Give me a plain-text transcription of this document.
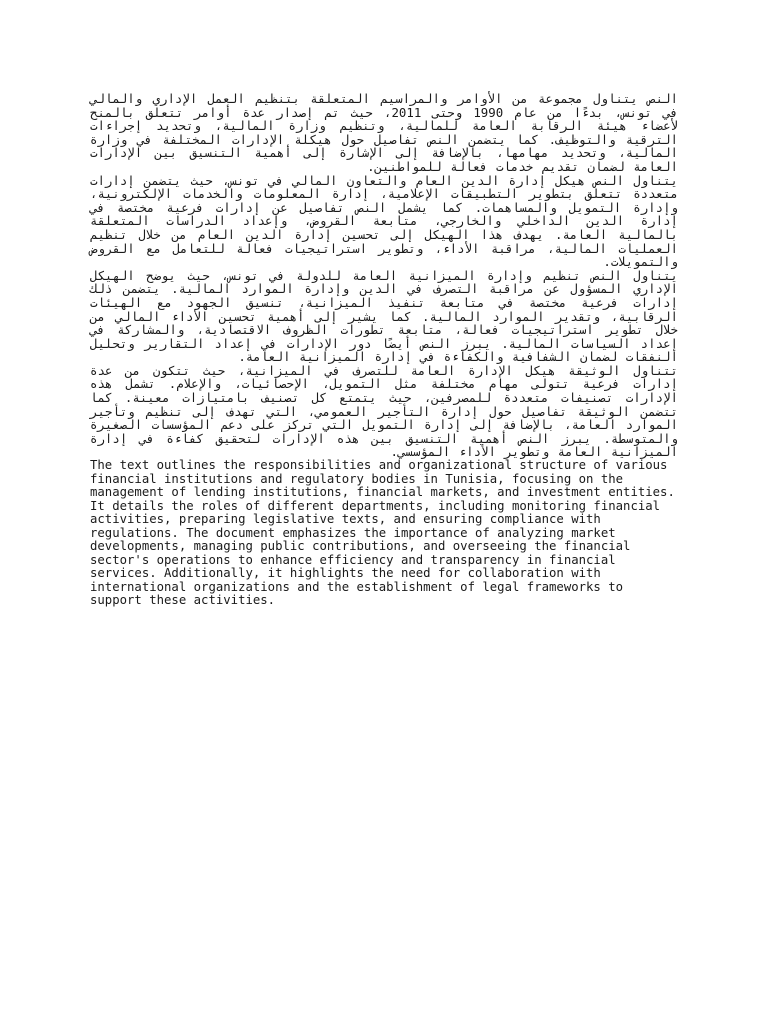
النص يتناول مجموعة من الأوامر والمراسيم المتعلقة بتنظيم العمل الإداري والمالي في تونس، بدءًا من عام 1990 وحتى 2011، حيث تم إصدار عدة أوامر تتعلق بالمنح لأعضاء هيئة الرقابة العامة للمالية، وتنظيم وزارة المالية، وتحديد إجراءات الترقية والتوظيف. كما يتضمن النص تفاصيل حول هيكلة الإدارات المختلفة في وزارة المالية، وتحديد مهامها، بالإضافة إلى الإشارة إلى أهمية التنسيق بين الإدارات العامة لضمان تقديم خدمات فعالة للمواطنين.

يتناول النص هيكل إدارة الدين العام والتعاون المالي في تونس، حيث يتضمن إدارات متعددة تتعلق بتطوير التطبيقات الإعلامية، إدارة المعلومات والخدمات الإلكترونية، وإدارة التمويل والمساهمات. كما يشمل النص تفاصيل عن إدارات فرعية مختصة في إدارة الدين الداخلي والخارجي، متابعة القروض، وإعداد الدراسات المتعلقة بالمالية العامة. يهدف هذا الهيكل إلى تحسين إدارة الدين العام من خلال تنظيم العمليات المالية، مراقبة الأداء، وتطوير استراتيجيات فعالة للتعامل مع القروض والتمويلات.

يتناول النص تنظيم وإدارة الميزانية العامة للدولة في تونس، حيث يوضح الهيكل الإداري المسؤول عن مراقبة التصرف في الدين وإدارة الموارد المالية. يتضمن ذلك إدارات فرعية مختصة في متابعة تنفيذ الميزانية، تنسيق الجهود مع الهيئات الرقابية، وتقدير الموارد المالية. كما يشير إلى أهمية تحسين الأداء المالي من خلال تطوير استراتيجيات فعالة، متابعة تطورات الظروف الاقتصادية، والمشاركة في إعداد السياسات المالية. يبرز النص أيضًا دور الإدارات في إعداد التقارير وتحليل النفقات لضمان الشفافية والكفاءة في إدارة الميزانية العامة.

تتناول الوثيقة هيكل الإدارة العامة للتصرف في الميزانية، حيث تتكون من عدة إدارات فرعية تتولى مهام مختلفة مثل التمويل، الإحصائيات، والإعلام. تشمل هذه الإدارات تصنيفات متعددة للمصرفين، حيث يتمتع كل تصنيف بامتيازات معينة. كما تتضمن الوثيقة تفاصيل حول إدارة التأجير العمومي، التي تهدف إلى تنظيم وتأجير الموارد العامة، بالإضافة إلى إدارة التمويل التي تركز على دعم المؤسسات الصغيرة والمتوسطة. يبرز النص أهمية التنسيق بين هذه الإدارات لتحقيق كفاءة في إدارة الميزانية العامة وتطوير الأداء المؤسسي.

The text outlines the responsibilities and organizational structure of various financial institutions and regulatory bodies in Tunisia, focusing on the management of lending institutions, financial markets, and investment entities. It details the roles of different departments, including monitoring financial activities, preparing legislative texts, and ensuring compliance with regulations. The document emphasizes the importance of analyzing market developments, managing public contributions, and overseeing the financial sector's operations to enhance efficiency and transparency in financial services. Additionally, it highlights the need for collaboration with international organizations and the establishment of legal frameworks to support these activities.
